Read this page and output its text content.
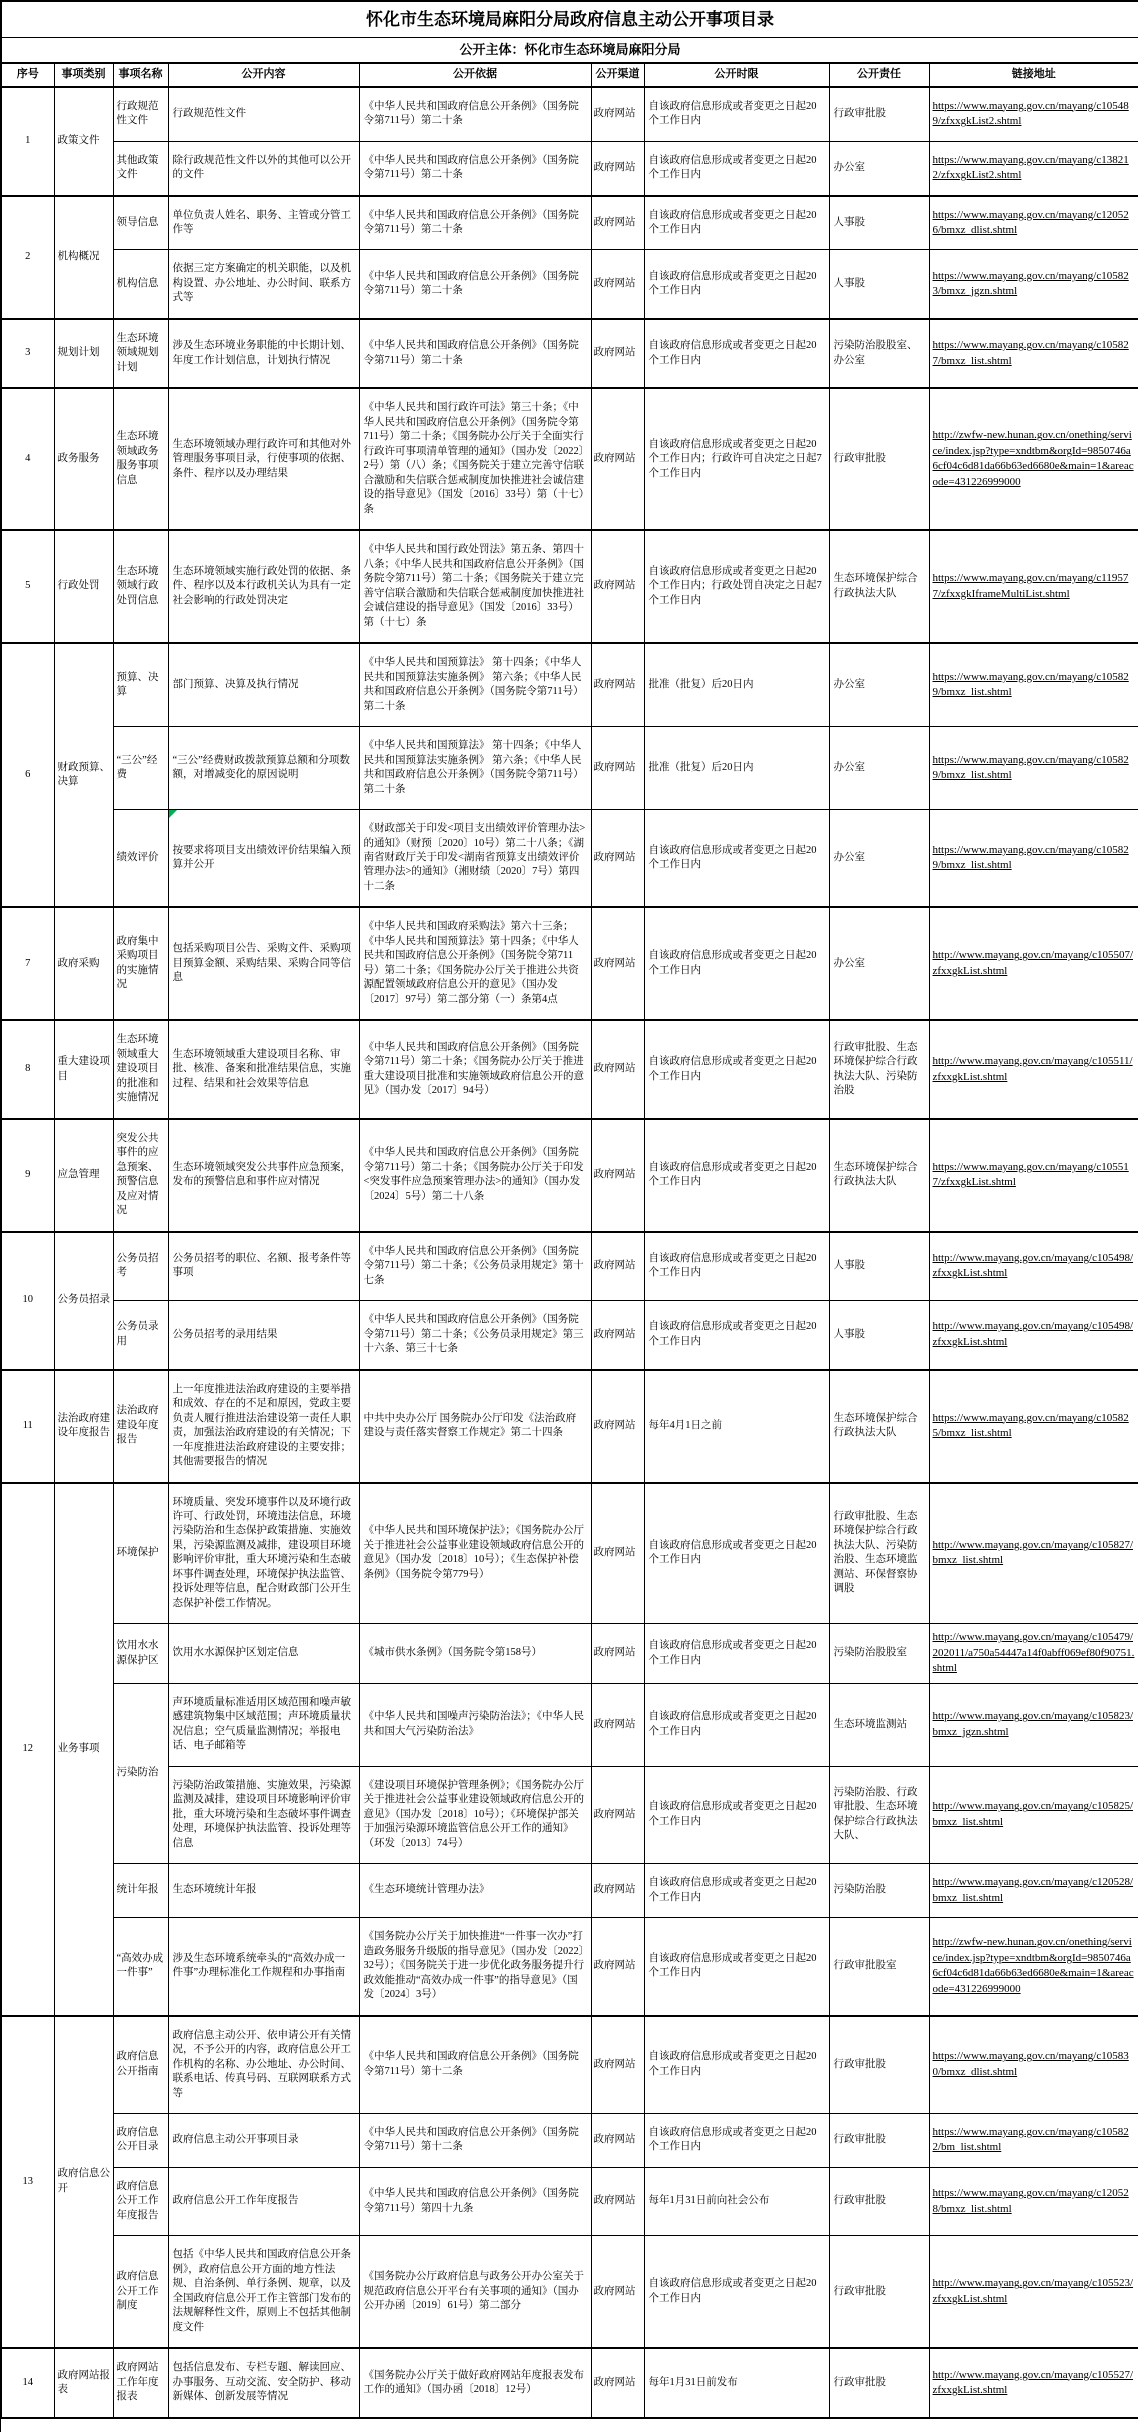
怀化市生态环境局麻阳分局政府信息主动公开事项目录								
公开主体：怀化市生态环境局麻阳分局								
序号	事项类别	事项名称	公开内容	公开依据	公开渠道	公开时限	公开责任	链接地址
1	政策文件	行政规范性文件	行政规范性文件	《中华人民共和国政府信息公开条例》（国务院令第711号）第二十条	政府网站	自该政府信息形成或者变更之日起20个工作日内	行政审批股	https://www.mayang.gov.cn/mayang/c105489/zfxxgkList2.shtml
		其他政策文件	除行政规范性文件以外的其他可以公开的文件	《中华人民共和国政府信息公开条例》（国务院令第711号）第二十条	政府网站	自该政府信息形成或者变更之日起20个工作日内	办公室	https://www.mayang.gov.cn/mayang/c138212/zfxxgkList2.shtml
2	机构概况	领导信息	单位负责人姓名、职务、主管或分管工作等	《中华人民共和国政府信息公开条例》（国务院令第711号）第二十条	政府网站	自该政府信息形成或者变更之日起20个工作日内	人事股	https://www.mayang.gov.cn/mayang/c120526/bmxz_dlist.shtml
		机构信息	依据三定方案确定的机关职能，以及机构设置、办公地址、办公时间、联系方式等	《中华人民共和国政府信息公开条例》（国务院令第711号）第二十条	政府网站	自该政府信息形成或者变更之日起20个工作日内	人事股	https://www.mayang.gov.cn/mayang/c105823/bmxz_jgzn.shtml
3	规划计划	生态环境领域规划计划	涉及生态环境业务职能的中长期计划、年度工作计划信息，计划执行情况	《中华人民共和国政府信息公开条例》（国务院令第711号）第二十条	政府网站	自该政府信息形成或者变更之日起20个工作日内	污染防治股股室、办公室	https://www.mayang.gov.cn/mayang/c105827/bmxz_list.shtml
4	政务服务	生态环境领域政务服务事项信息	生态环境领域办理行政许可和其他对外管理服务事项目录，行使事项的依据、条件、程序以及办理结果	《中华人民共和国行政许可法》第三十条；《中华人民共和国政府信息公开条例》（国务院令第711号）第二十条；《国务院办公厅关于全面实行行政许可事项清单管理的通知》（国办发〔2022〕2号）第（八）条；《国务院关于建立完善守信联合激励和失信联合惩戒制度加快推进社会诚信建设的指导意见》（国发〔2016〕33号）第（十七）条	政府网站	自该政府信息形成或者变更之日起20个工作日内；行政许可自决定之日起7个工作日内	行政审批股	http://zwfw-new.hunan.gov.cn/onething/service/index.jsp?type=xndtbm&orgId=9850746a6cf04c6d81da66b63ed6680e&main=1&areacode=431226999000
5	行政处罚	生态环境领域行政处罚信息	生态环境领域实施行政处罚的依据、条件、程序以及本行政机关认为具有一定社会影响的行政处罚决定	《中华人民共和国行政处罚法》第五条、第四十八条；《中华人民共和国政府信息公开条例》（国务院令第711号）第二十条；《国务院关于建立完善守信联合激励和失信联合惩戒制度加快推进社会诚信建设的指导意见》（国发〔2016〕33号）第（十七）条	政府网站	自该政府信息形成或者变更之日起20个工作日内；行政处罚自决定之日起7个工作日内	生态环境保护综合行政执法大队	https://www.mayang.gov.cn/mayang/c119577/zfxxgkIframeMultiList.shtml
6	财政预算、决算	预算、决算	部门预算、决算及执行情况	《中华人民共和国预算法》 第十四条；《中华人民共和国预算法实施条例》 第六条；《中华人民共和国政府信息公开条例》（国务院令第711号）第二十条	政府网站	批准（批复）后20日内	办公室	https://www.mayang.gov.cn/mayang/c105829/bmxz_list.shtml
		“三公”经费	“三公”经费财政拨款预算总额和分项数额，对增减变化的原因说明	《中华人民共和国预算法》 第十四条；《中华人民共和国预算法实施条例》 第六条；《中华人民共和国政府信息公开条例》（国务院令第711号）第二十条	政府网站	批准（批复）后20日内	办公室	https://www.mayang.gov.cn/mayang/c105829/bmxz_list.shtml
		绩效评价	按要求将项目支出绩效评价结果编入预算并公开	《财政部关于印发<项目支出绩效评价管理办法>的通知》（财预〔2020〕10号）第二十八条；《湖南省财政厅关于印发<湖南省预算支出绩效评价管理办法>的通知》（湘财绩〔2020〕7号）第四十二条	政府网站	自该政府信息形成或者变更之日起20个工作日内	办公室	https://www.mayang.gov.cn/mayang/c105829/bmxz_list.shtml
7	政府采购	政府集中采购项目的实施情况	包括采购项目公告、采购文件、采购项目预算金额、采购结果、采购合同等信息	《中华人民共和国政府采购法》第六十三条；《中华人民共和国预算法》第十四条；《中华人民共和国政府信息公开条例》（国务院令第711号）第二十条；《国务院办公厅关于推进公共资源配置领域政府信息公开的意见》（国办发〔2017〕97号）第二部分第（一）条第4点	政府网站	自该政府信息形成或者变更之日起20个工作日内	办公室	http://www.mayang.gov.cn/mayang/c105507/zfxxgkList.shtml
8	重大建设项目	生态环境领域重大建设项目的批准和实施情况	生态环境领域重大建设项目名称、审批、核准、备案和批准结果信息，实施过程、结果和社会效果等信息	《中华人民共和国政府信息公开条例》（国务院令第711号）第二十条；《国务院办公厅关于推进重大建设项目批准和实施领域政府信息公开的意见》（国办发〔2017〕94号）	政府网站	自该政府信息形成或者变更之日起20个工作日内	行政审批股、生态环境保护综合行政执法大队、污染防治股	http://www.mayang.gov.cn/mayang/c105511/zfxxgkList.shtml
9	应急管理	突发公共事件的应急预案、预警信息及应对情况	生态环境领域突发公共事件应急预案，发布的预警信息和事件应对情况	《中华人民共和国政府信息公开条例》（国务院令第711号）第二十条；《国务院办公厅关于印发<突发事件应急预案管理办法>的通知》（国办发〔2024〕5号）第二十八条	政府网站	自该政府信息形成或者变更之日起20个工作日内	生态环境保护综合行政执法大队	https://www.mayang.gov.cn/mayang/c105517/zfxxgkList.shtml
10	公务员招录	公务员招考	公务员招考的职位、名额、报考条件等事项	《中华人民共和国政府信息公开条例》（国务院令第711号）第二十条；《公务员录用规定》第十七条	政府网站	自该政府信息形成或者变更之日起20个工作日内	人事股	http://www.mayang.gov.cn/mayang/c105498/zfxxgkList.shtml
		公务员录用	公务员招考的录用结果	《中华人民共和国政府信息公开条例》（国务院令第711号）第二十条；《公务员录用规定》第三十六条、第三十七条	政府网站	自该政府信息形成或者变更之日起20个工作日内	人事股	http://www.mayang.gov.cn/mayang/c105498/zfxxgkList.shtml
11	法治政府建设年度报告	法治政府建设年度报告	上一年度推进法治政府建设的主要举措和成效、存在的不足和原因，党政主要负责人履行推进法治建设第一责任人职责，加强法治政府建设的有关情况；下一年度推进法治政府建设的主要安排；其他需要报告的情况	中共中央办公厅 国务院办公厅印发《法治政府建设与责任落实督察工作规定》第二十四条	政府网站	每年4月1日之前	生态环境保护综合行政执法大队	https://www.mayang.gov.cn/mayang/c105825/bmxz_list.shtml
12	业务事项	环境保护	环境质量、突发环境事件以及环境行政许可、行政处罚，环境违法信息，环境污染防治和生态保护政策措施、实施效果，污染源监测及减排，建设项目环境影响评价审批，重大环境污染和生态破坏事件调查处理，环境保护执法监管、投诉处理等信息，配合财政部门公开生态保护补偿工作情况。	《中华人民共和国环境保护法》；《国务院办公厅关于推进社会公益事业建设领域政府信息公开的意见》（国办发〔2018〕10号）；《生态保护补偿条例》（国务院令第779号）	政府网站	自该政府信息形成或者变更之日起20个工作日内	行政审批股、生态环境保护综合行政执法大队、污染防治股、生态环境监测站、环保督察协调股	http://www.mayang.gov.cn/mayang/c105827/bmxz_list.shtml
		饮用水水源保护区	饮用水水源保护区划定信息	《城市供水条例》（国务院令第158号）	政府网站	自该政府信息形成或者变更之日起20个工作日内	污染防治股股室	http://www.mayang.gov.cn/mayang/c105479/202011/a750a54447a14f0abff069ef80f90751.shtml
		污染防治	声环境质量标准适用区域范围和噪声敏感建筑物集中区域范围；声环境质量状况信息；空气质量监测情况；举报电话、电子邮箱等	《中华人民共和国噪声污染防治法》；《中华人民共和国大气污染防治法》	政府网站	自该政府信息形成或者变更之日起20个工作日内	生态环境监测站	http://www.mayang.gov.cn/mayang/c105823/bmxz_jgzn.shtml
			污染防治政策措施、实施效果，污染源监测及减排，建设项目环境影响评价审批，重大环境污染和生态破坏事件调查处理，环境保护执法监管、投诉处理等信息	《建设项目环境保护管理条例》；《国务院办公厅关于推进社会公益事业建设领域政府信息公开的意见》（国办发〔2018〕10号）；《环境保护部关于加强污染源环境监管信息公开工作的通知》（环发〔2013〕74号）	政府网站	自该政府信息形成或者变更之日起20个工作日内	污染防治股、行政审批股、生态环境保护综合行政执法大队、	http://www.mayang.gov.cn/mayang/c105825/bmxz_list.shtml
		统计年报	生态环境统计年报	《生态环境统计管理办法》	政府网站	自该政府信息形成或者变更之日起20个工作日内	污染防治股	http://www.mayang.gov.cn/mayang/c120528/bmxz_list.shtml
		“高效办成一件事”	涉及生态环境系统牵头的“高效办成一件事”办理标准化工作规程和办事指南	《国务院办公厅关于加快推进“一件事一次办”打造政务服务升级版的指导意见》（国办发〔2022〕32号）；《国务院关于进一步优化政务服务提升行政效能推动“高效办成一件事”的指导意见》（国发〔2024〕3号）	政府网站	自该政府信息形成或者变更之日起20个工作日内	行政审批股室	http://zwfw-new.hunan.gov.cn/onething/service/index.jsp?type=xndtbm&orgId=9850746a6cf04c6d81da66b63ed6680e&main=1&areacode=431226999000
13	政府信息公开	政府信息公开指南	政府信息主动公开、依申请公开有关情况，不予公开的内容，政府信息公开工作机构的名称、办公地址、办公时间、联系电话、传真号码、互联网联系方式等	《中华人民共和国政府信息公开条例》（国务院令第711号）第十二条	政府网站	自该政府信息形成或者变更之日起20个工作日内	行政审批股	https://www.mayang.gov.cn/mayang/c105830/bmxz_dlist.shtml
		政府信息公开目录	政府信息主动公开事项目录	《中华人民共和国政府信息公开条例》（国务院令第711号）第十二条	政府网站	自该政府信息形成或者变更之日起20个工作日内	行政审批股	https://www.mayang.gov.cn/mayang/c105822/bm_list.shtml
		政府信息公开工作年度报告	政府信息公开工作年度报告	《中华人民共和国政府信息公开条例》（国务院令第711号）第四十九条	政府网站	每年1月31日前向社会公布	行政审批股	https://www.mayang.gov.cn/mayang/c120528/bmxz_list.shtml
		政府信息公开工作制度	包括《中华人民共和国政府信息公开条例》，政府信息公开方面的地方性法规、自治条例、单行条例、规章，以及全国政府信息公开工作主管部门发布的法规解释性文件，原则上不包括其他制度文件	《国务院办公厅政府信息与政务公开办公室关于规范政府信息公开平台有关事项的通知》（国办公开办函〔2019〕61号）第二部分	政府网站	自该政府信息形成或者变更之日起20个工作日内	行政审批股	http://www.mayang.gov.cn/mayang/c105523/zfxxgkList.shtml
14	政府网站报表	政府网站工作年度报表	包括信息发布、专栏专题、解读回应、办事服务、互动交流、安全防护、移动新媒体、创新发展等情况	《国务院办公厅关于做好政府网站年度报表发布工作的通知》（国办函〔2018〕12号）	政府网站	每年1月31日前发布	行政审批股	http://www.mayang.gov.cn/mayang/c105527/zfxxgkList.shtml
